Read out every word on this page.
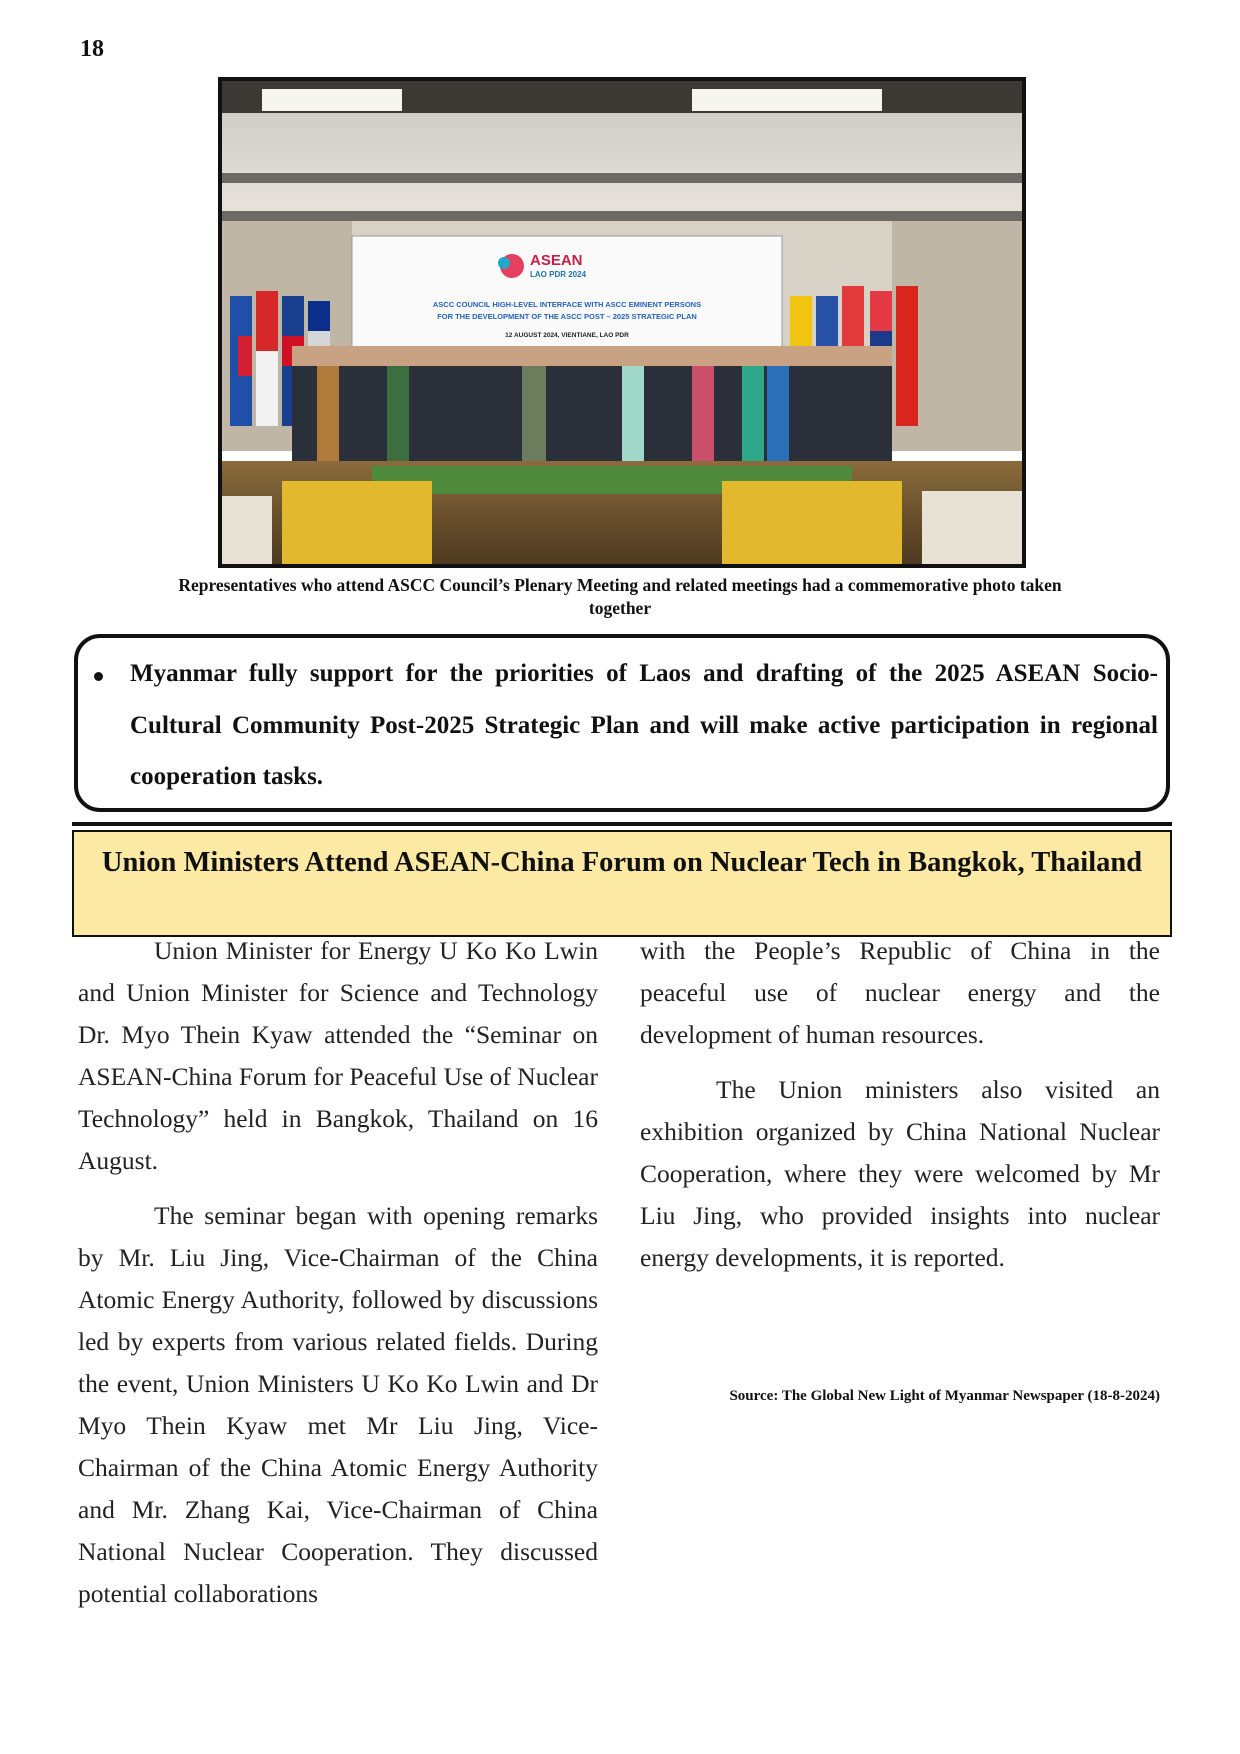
18
ASEAN
LAO PDR 2024
ASCC COUNCIL HIGH-LEVEL INTERFACE WITH ASCC EMINENT PERSONS
FOR THE DEVELOPMENT OF THE ASCC POST – 2025 STRATEGIC PLAN
12 AUGUST 2024, VIENTIANE, LAO PDR
Representatives who attend ASCC Council’s Plenary Meeting and related meetings had a commemorative photo taken together
Myanmar fully support for the priorities of Laos and drafting of the 2025 ASEAN Socio-Cultural Community Post-2025 Strategic Plan and will make active participation in regional cooperation tasks.
Union Ministers Attend ASEAN-China Forum on Nuclear Tech in Bangkok, Thailand

Union Minister for Energy U Ko Ko Lwin and Union Minister for Science and Technology Dr. Myo Thein Kyaw attended the “Seminar on ASEAN-China Forum for Peaceful Use of Nuclear Technology” held in Bangkok, Thailand on 16 August.

The seminar began with opening remarks by Mr. Liu Jing, Vice-Chairman of the China Atomic Energy Authority, followed by discussions led by experts from various related fields. During the event, Union Ministers U Ko Ko Lwin and Dr Myo Thein Kyaw met Mr Liu Jing, Vice-Chairman of the China Atomic Energy Authority and Mr. Zhang Kai, Vice-Chairman of China National Nuclear Cooperation. They discussed potential collaborations

with the People’s Republic of China in the peaceful use of nuclear energy and the development of human resources.

The Union ministers also visited an exhibition organized by China National Nuclear Cooperation, where they were welcomed by Mr Liu Jing, who provided insights into nuclear energy developments, it is reported.

Source: The Global New Light of Myanmar Newspaper (18-8-2024)
